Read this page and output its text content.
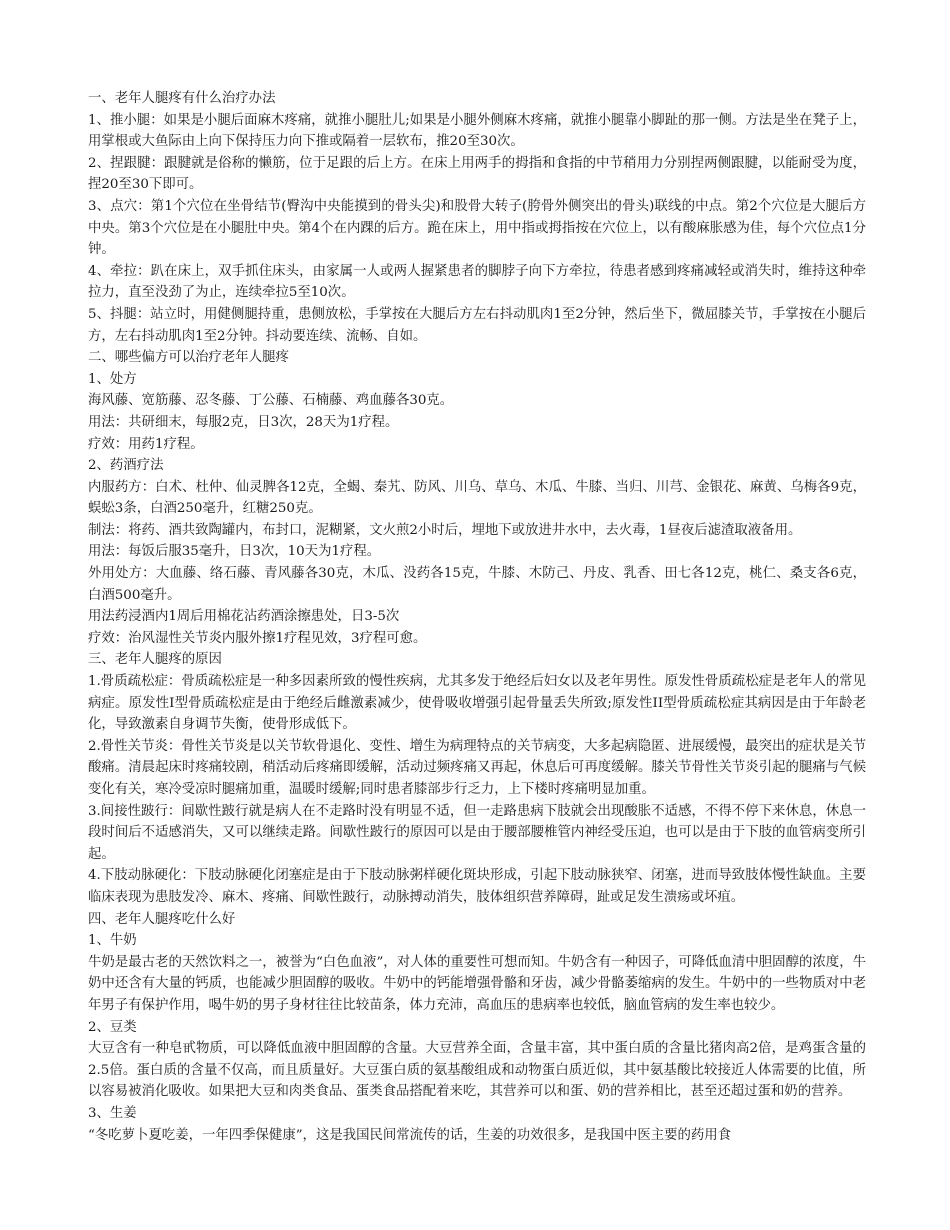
一、老年人腿疼有什么治疗办法

1、推小腿：如果是小腿后面麻木疼痛，就推小腿肚儿;如果是小腿外侧麻木疼痛，就推小腿靠小脚趾的那一侧。方法是坐在凳子上，用掌根或大鱼际由上向下保持压力向下推或隔着一层软布，推20至30次。

2、捏跟腱：跟腱就是俗称的懒筋，位于足跟的后上方。在床上用两手的拇指和食指的中节稍用力分别捏两侧跟腱，以能耐受为度，捏20至30下即可。

3、点穴：第1个穴位在坐骨结节(臀沟中央能摸到的骨头尖)和股骨大转子(胯骨外侧突出的骨头)联线的中点。第2个穴位是大腿后方中央。第3个穴位是在小腿肚中央。第4个在内踝的后方。跪在床上，用中指或拇指按在穴位上，以有酸麻胀感为佳，每个穴位点1分钟。

4、牵拉：趴在床上，双手抓住床头，由家属一人或两人握紧患者的脚脖子向下方牵拉，待患者感到疼痛减轻或消失时，维持这种牵拉力，直至没劲了为止，连续牵拉5至10次。

5、抖腿：站立时，用健侧腿持重，患侧放松，手掌按在大腿后方左右抖动肌肉1至2分钟，然后坐下，微屈膝关节，手掌按在小腿后方，左右抖动肌肉1至2分钟。抖动要连续、流畅、自如。

二、哪些偏方可以治疗老年人腿疼

1、处方

海风藤、宽筋藤、忍冬藤、丁公藤、石楠藤、鸡血藤各30克。

用法：共研细末，每服2克，日3次，28天为1疗程。

疗效：用药1疗程。

2、药酒疗法

内服药方：白术、杜仲、仙灵脾各12克，全蝎、秦艽、防风、川乌、草乌、木瓜、牛膝、当归、川芎、金银花、麻黄、乌梅各9克，蜈蚣3条，白酒250毫升，红糖250克。

制法：将药、酒共致陶罐内，布封口，泥糊紧，文火煎2小时后，埋地下或放进井水中，去火毒，1昼夜后滤渣取液备用。

用法：每饭后服35毫升，日3次，10天为1疗程。

外用处方：大血藤、络石藤、青风藤各30克，木瓜、没药各15克，牛膝、木防己、丹皮、乳香、田七各12克，桃仁、桑支各6克，白酒500毫升。

用法药浸酒内1周后用棉花沾药酒涂擦患处，日3-5次

疗效：治风湿性关节炎内服外擦1疗程见效，3疗程可愈。

三、老年人腿疼的原因

1.骨质疏松症：骨质疏松症是一种多因素所致的慢性疾病，尤其多发于绝经后妇女以及老年男性。原发性骨质疏松症是老年人的常见病症。原发性I型骨质疏松症是由于绝经后雌激素减少，使骨吸收增强引起骨量丢失所致;原发性II型骨质疏松症其病因是由于年龄老化，导致激素自身调节失衡，使骨形成低下。

2.骨性关节炎：骨性关节炎是以关节软骨退化、变性、增生为病理特点的关节病变，大多起病隐匿、进展缓慢，最突出的症状是关节酸痛。清晨起床时疼痛较剧，稍活动后疼痛即缓解，活动过频疼痛又再起，休息后可再度缓解。膝关节骨性关节炎引起的腿痛与气候变化有关，寒冷受凉时腿痛加重，温暖时缓解;同时患者膝部步行乏力，上下楼时疼痛明显加重。

3.间接性跛行：间歇性跛行就是病人在不走路时没有明显不适，但一走路患病下肢就会出现酸胀不适感，不得不停下来休息，休息一段时间后不适感消失，又可以继续走路。间歇性跛行的原因可以是由于腰部腰椎管内神经受压迫，也可以是由于下肢的血管病变所引起。

4.下肢动脉硬化：下肢动脉硬化闭塞症是由于下肢动脉粥样硬化斑块形成，引起下肢动脉狭窄、闭塞，进而导致肢体慢性缺血。主要临床表现为患肢发冷、麻木、疼痛、间歇性跛行，动脉搏动消失，肢体组织营养障碍，趾或足发生溃疡或坏疽。

四、老年人腿疼吃什么好

1、牛奶

牛奶是最古老的天然饮料之一，被誉为“白色血液”，对人体的重要性可想而知。牛奶含有一种因子，可降低血清中胆固醇的浓度，牛奶中还含有大量的钙质，也能减少胆固醇的吸收。牛奶中的钙能增强骨骼和牙齿，减少骨骼萎缩病的发生。牛奶中的一些物质对中老年男子有保护作用，喝牛奶的男子身材往往比较苗条，体力充沛，高血压的患病率也较低，脑血管病的发生率也较少。

2、豆类

大豆含有一种皂甙物质，可以降低血液中胆固醇的含量。大豆营养全面，含量丰富，其中蛋白质的含量比猪肉高2倍，是鸡蛋含量的2.5倍。蛋白质的含量不仅高，而且质量好。大豆蛋白质的氨基酸组成和动物蛋白质近似，其中氨基酸比较接近人体需要的比值，所以容易被消化吸收。如果把大豆和肉类食品、蛋类食品搭配着来吃，其营养可以和蛋、奶的营养相比，甚至还超过蛋和奶的营养。

3、生姜

“冬吃萝卜夏吃姜，一年四季保健康”，这是我国民间常流传的话，生姜的功效很多，是我国中医主要的药用食
